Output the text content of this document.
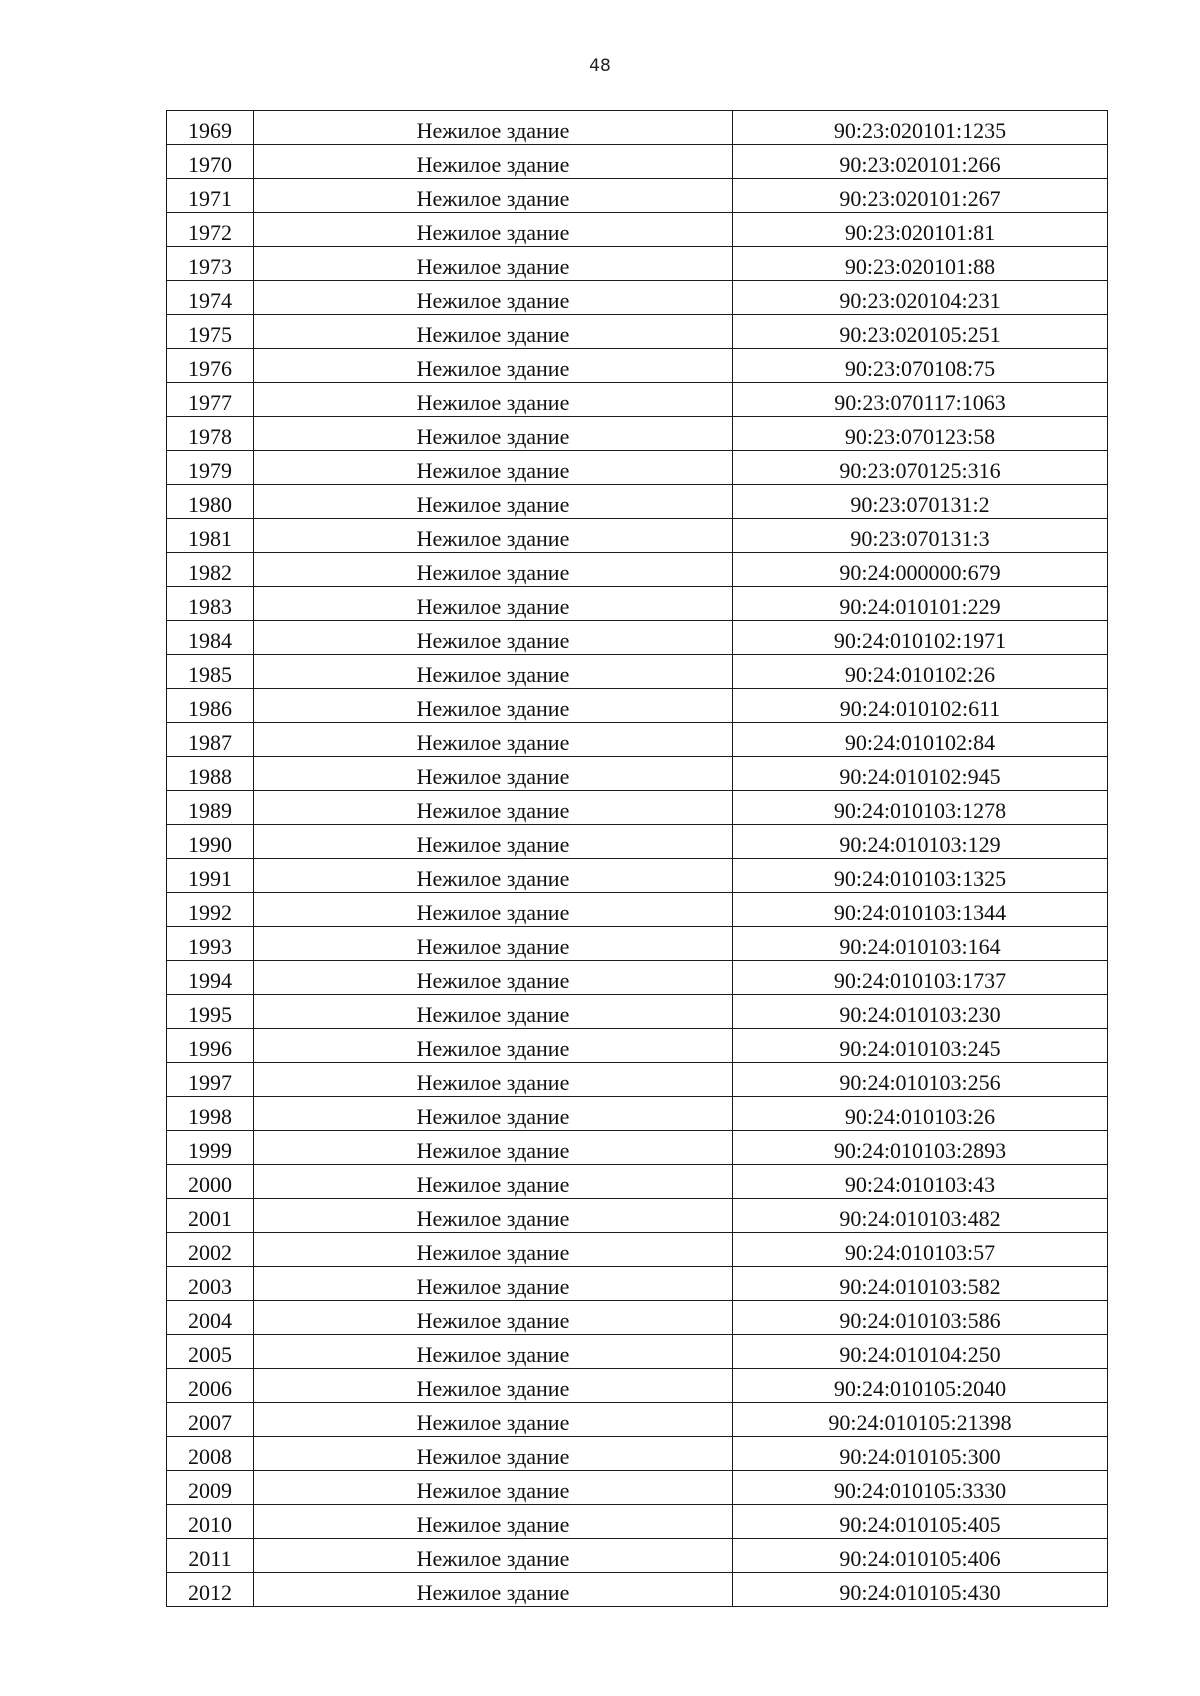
48
1969	Нежилое здание	90:23:020101:1235
1970	Нежилое здание	90:23:020101:266
1971	Нежилое здание	90:23:020101:267
1972	Нежилое здание	90:23:020101:81
1973	Нежилое здание	90:23:020101:88
1974	Нежилое здание	90:23:020104:231
1975	Нежилое здание	90:23:020105:251
1976	Нежилое здание	90:23:070108:75
1977	Нежилое здание	90:23:070117:1063
1978	Нежилое здание	90:23:070123:58
1979	Нежилое здание	90:23:070125:316
1980	Нежилое здание	90:23:070131:2
1981	Нежилое здание	90:23:070131:3
1982	Нежилое здание	90:24:000000:679
1983	Нежилое здание	90:24:010101:229
1984	Нежилое здание	90:24:010102:1971
1985	Нежилое здание	90:24:010102:26
1986	Нежилое здание	90:24:010102:611
1987	Нежилое здание	90:24:010102:84
1988	Нежилое здание	90:24:010102:945
1989	Нежилое здание	90:24:010103:1278
1990	Нежилое здание	90:24:010103:129
1991	Нежилое здание	90:24:010103:1325
1992	Нежилое здание	90:24:010103:1344
1993	Нежилое здание	90:24:010103:164
1994	Нежилое здание	90:24:010103:1737
1995	Нежилое здание	90:24:010103:230
1996	Нежилое здание	90:24:010103:245
1997	Нежилое здание	90:24:010103:256
1998	Нежилое здание	90:24:010103:26
1999	Нежилое здание	90:24:010103:2893
2000	Нежилое здание	90:24:010103:43
2001	Нежилое здание	90:24:010103:482
2002	Нежилое здание	90:24:010103:57
2003	Нежилое здание	90:24:010103:582
2004	Нежилое здание	90:24:010103:586
2005	Нежилое здание	90:24:010104:250
2006	Нежилое здание	90:24:010105:2040
2007	Нежилое здание	90:24:010105:21398
2008	Нежилое здание	90:24:010105:300
2009	Нежилое здание	90:24:010105:3330
2010	Нежилое здание	90:24:010105:405
2011	Нежилое здание	90:24:010105:406
2012	Нежилое здание	90:24:010105:430
